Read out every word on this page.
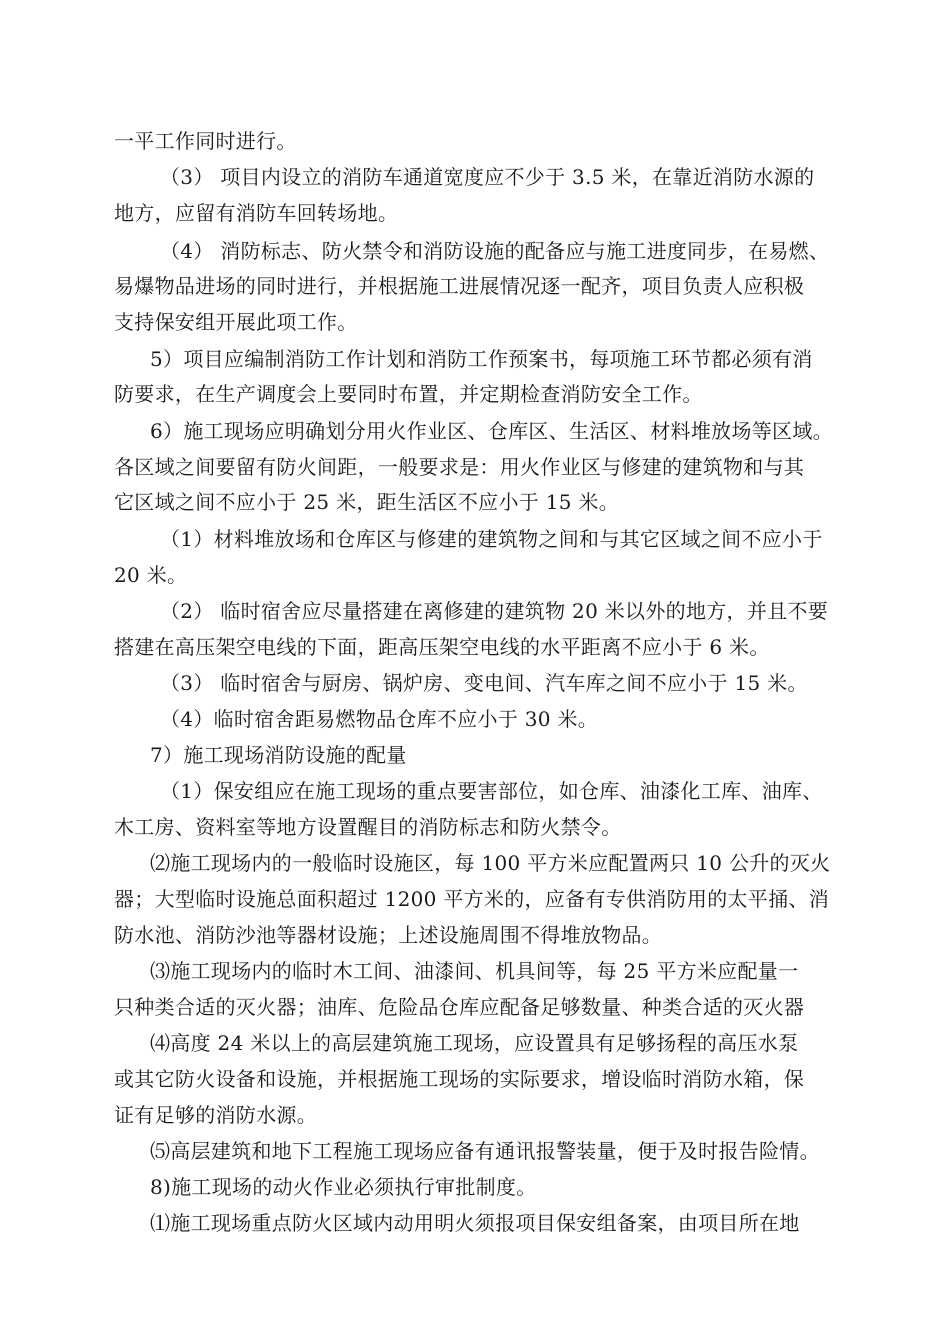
一平工作同时进行。
（3） 项目内设立的消防车通道宽度应不少于 3.5 米，在靠近消防水源的
地方，应留有消防车回转场地。
（4） 消防标志、防火禁令和消防设施的配备应与施工进度同步，在易燃、
易爆物品进场的同时进行，并根据施工进展情况逐一配齐，项目负责人应积极
支持保安组开展此项工作。
5）项目应编制消防工作计划和消防工作预案书，每项施工环节都必须有消
防要求，在生产调度会上要同时布置，并定期检查消防安全工作。
6）施工现场应明确划分用火作业区、仓库区、生活区、材料堆放场等区域。
各区域之间要留有防火间距，一般要求是：用火作业区与修建的建筑物和与其
它区域之间不应小于 25 米，距生活区不应小于 15 米。
（1）材料堆放场和仓库区与修建的建筑物之间和与其它区域之间不应小于
20 米。
（2） 临时宿舍应尽量搭建在离修建的建筑物 20 米以外的地方，并且不要
搭建在高压架空电线的下面，距高压架空电线的水平距离不应小于 6 米。
（3） 临时宿舍与厨房、锅炉房、变电间、汽车库之间不应小于 15 米。
（4）临时宿舍距易燃物品仓库不应小于 30 米。
7）施工现场消防设施的配量
（1）保安组应在施工现场的重点要害部位，如仓库、油漆化工库、油库、
木工房、资料室等地方设置醒目的消防标志和防火禁令。
⑵施工现场内的一般临时设施区，每 100 平方米应配置两只 10 公升的灭火
器；大型临时设施总面积超过 1200 平方米的，应备有专供消防用的太平捅、消
防水池、消防沙池等器材设施；上述设施周围不得堆放物品。
⑶施工现场内的临时木工间、油漆间、机具间等，每 25 平方米应配量一
只种类合适的灭火器；油库、危险品仓库应配备足够数量、种类合适的灭火器
⑷高度 24 米以上的高层建筑施工现场，应设置具有足够扬程的高压水泵
或其它防火设备和设施，并根据施工现场的实际要求，增设临时消防水箱，保
证有足够的消防水源。
⑸高层建筑和地下工程施工现场应备有通讯报警装量，便于及时报告险情。
8)施工现场的动火作业必须执行审批制度。
⑴施工现场重点防火区域内动用明火须报项目保安组备案，由项目所在地
